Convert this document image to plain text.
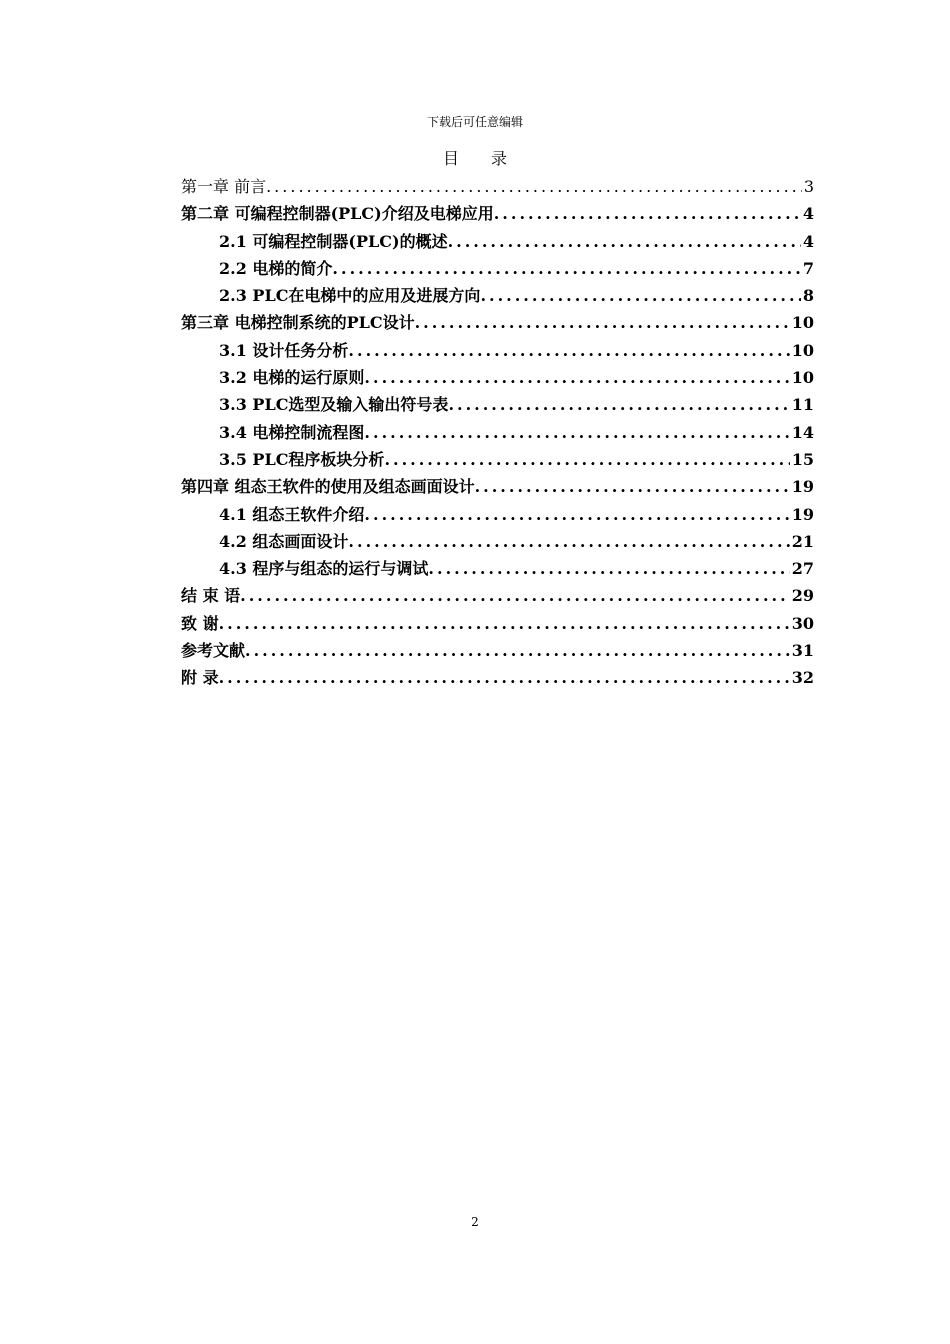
下载后可任意编辑
目 录
第一章 前言 .....	3
第二章 可编程控制器(PLC)介绍及电梯应用 .....	4
2.1 可编程控制器(PLC)的概述 .....	4
2.2 电梯的简介 .....	7
2.3 PLC在电梯中的应用及进展方向 .....	8
第三章 电梯控制系统的PLC设计 .....	10
3.1 设计任务分析 .....	10
3.2 电梯的运行原则 .....	10
3.3 PLC选型及输入输出符号表 .....	11
3.4 电梯控制流程图 .....	14
3.5 PLC程序板块分析 .....	15
第四章 组态王软件的使用及组态画面设计 .....	19
4.1 组态王软件介绍 .....	19
4.2 组态画面设计 .....	21
4.3 程序与组态的运行与调试 .....	27
结 束 语 .....	29
致 谢 .....	30
参考文献 .....	31
附 录 .....	32
2
